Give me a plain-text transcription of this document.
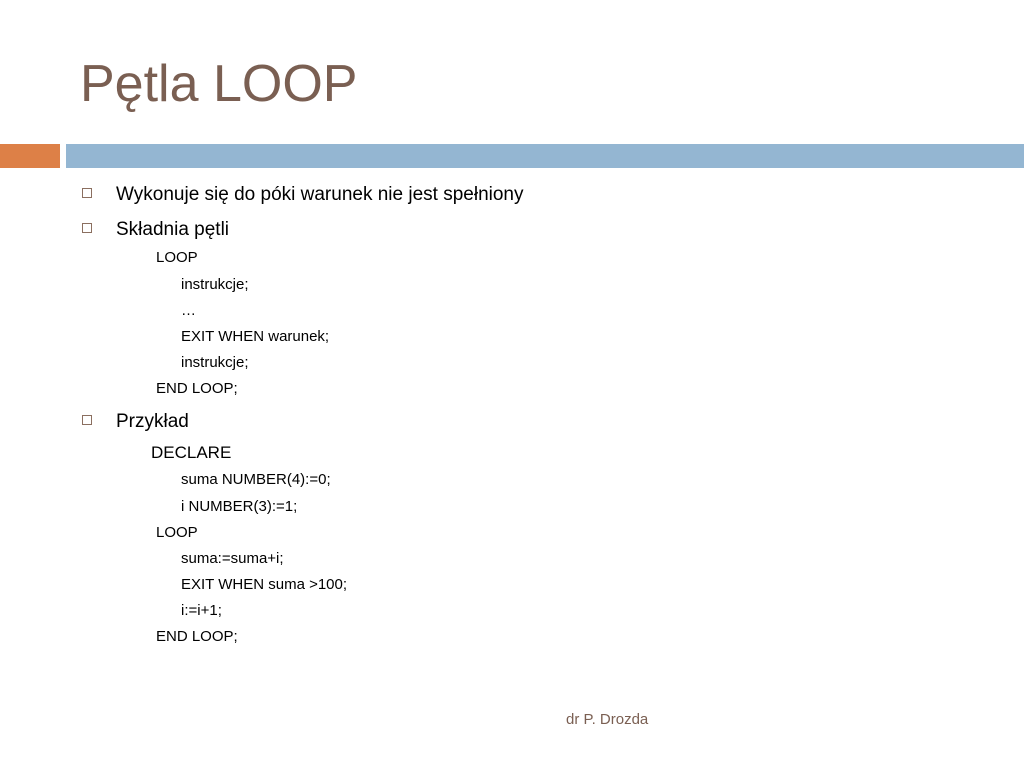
Pętla LOOP
Wykonuje się do póki warunek nie jest spełniony
Składnia pętli
LOOP
instrukcje;
…
EXIT WHEN warunek;
instrukcje;
END LOOP;
Przykład
DECLARE
suma NUMBER(4):=0;
i NUMBER(3):=1;
LOOP
suma:=suma+i;
EXIT WHEN suma >100;
i:=i+1;
END LOOP;
dr P. Drozda
